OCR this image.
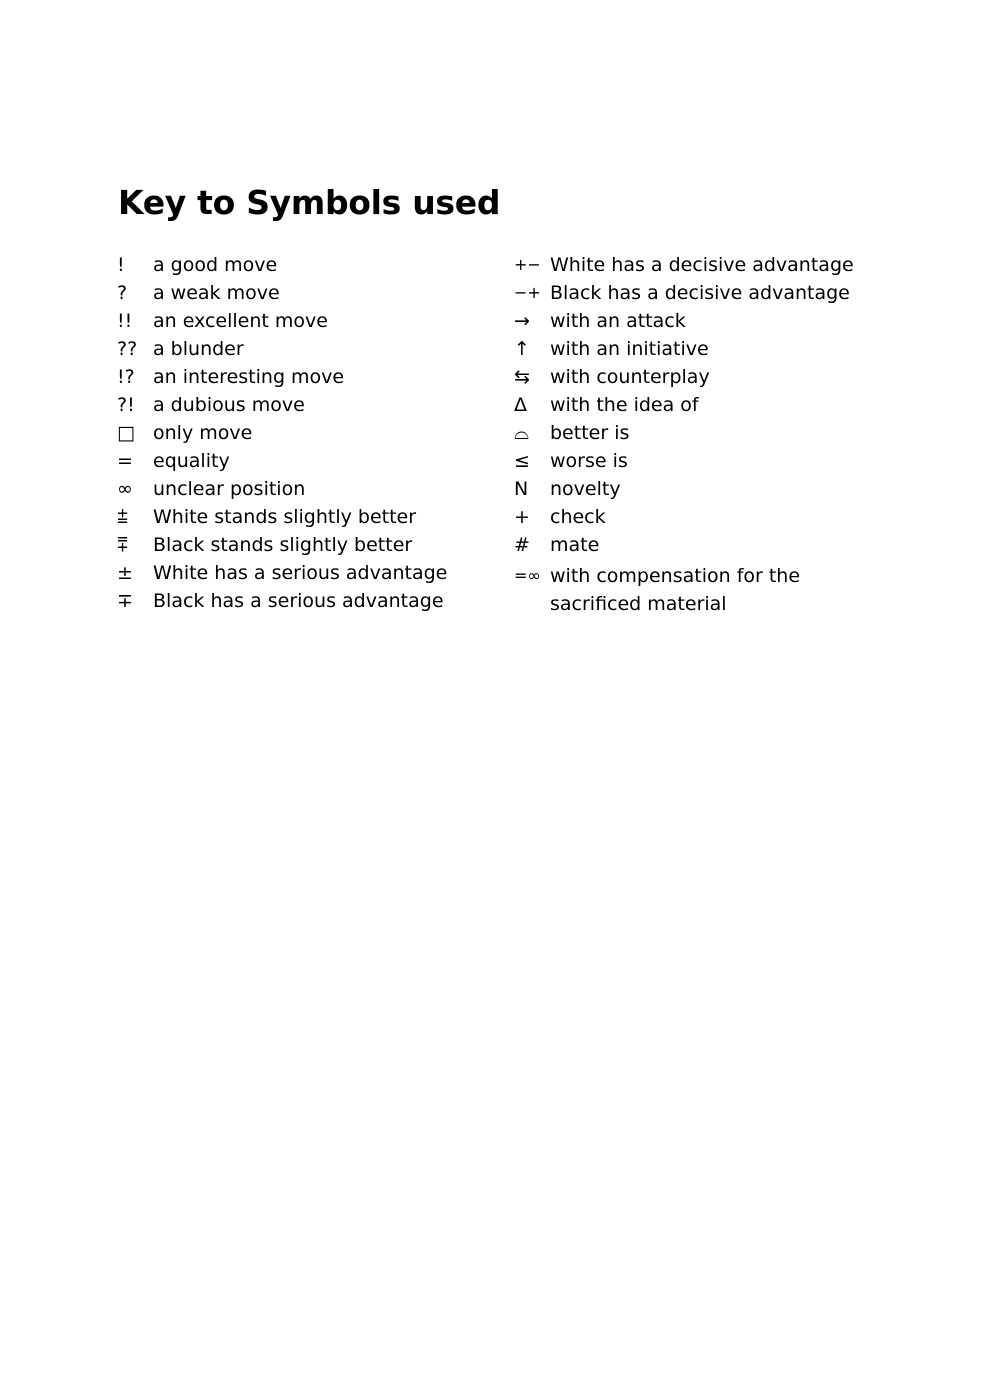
Key to Symbols used
!	a good move
?	a weak move
!!	an excellent move
?? a blunder
!? an interesting move
?! a dubious move
□ only move
=	equality
∞	unclear position
⩲	White stands slightly better
⩱	Black stands slightly better
±	White has a serious advantage
∓	Black has a serious advantage
+− White has a decisive advantage
−+ Black has a decisive advantage
→	with an attack
↑	with an initiative
⇆	with counterplay
Δ	with the idea of
⌓	better is
≤	worse is
N	novelty
+	check
#	mate
=∞ with compensation for the sacrificed material
